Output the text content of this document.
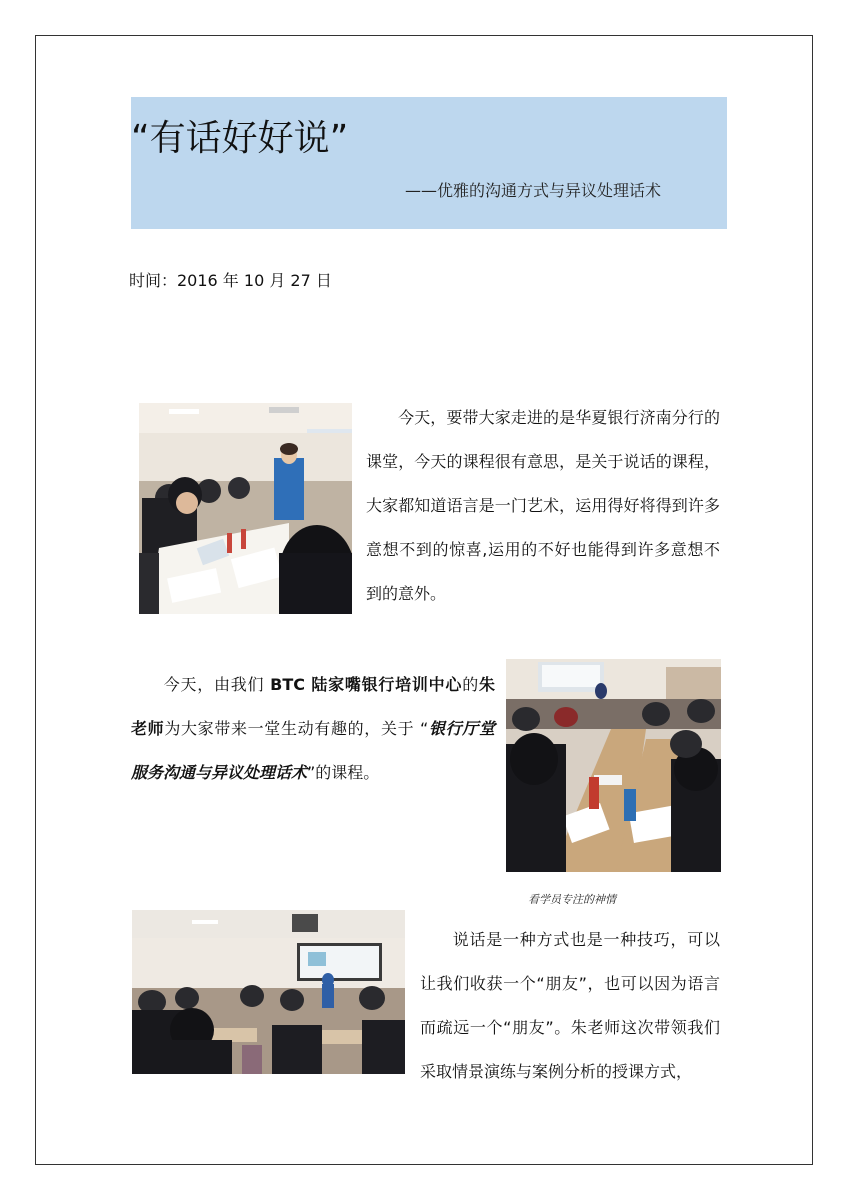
“有话好好说”
——优雅的沟通方式与异议处理话术
时间：2016 年 10 月 27 日
今天，要带大家走进的是华夏银行济南分行的课堂，今天的课程很有意思，是关于说话的课程，大家都知道语言是一门艺术，运用得好将得到许多意想不到的惊喜,运用的不好也能得到许多意想不到的意外。
今天，由我们 BTC 陆家嘴银行培训中心的朱老师为大家带来一堂生动有趣的，关于 “银行厅堂服务沟通与异议处理话术”的课程。
看学员专注的神情
说话是一种方式也是一种技巧，可以让我们收获一个“朋友”，也可以因为语言而疏远一个“朋友”。朱老师这次带领我们采取情景演练与案例分析的授课方式，
